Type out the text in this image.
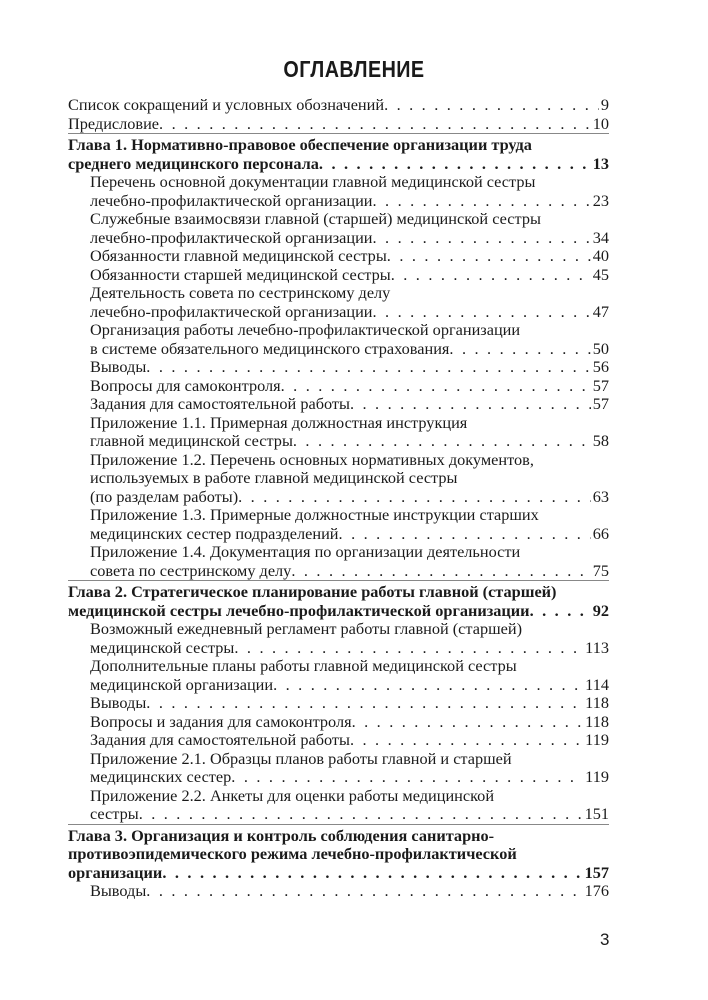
ОГЛАВЛЕНИЕ
Список сокращений и условных обозначений . . .	9
Предисловие . . .	10
Глава 1. Нормативно-правовое обеспечение организации труда
среднего медицинского персонала . . .	13
Перечень основной документации главной медицинской сестры
лечебно-профилактической организации . . .	23
Служебные взаимосвязи главной (старшей) медицинской сестры
лечебно-профилактической организации . . .	34
Обязанности главной медицинской сестры . . .	40
Обязанности старшей медицинской сестры . . .	45
Деятельность совета по сестринскому делу
лечебно-профилактической организации . . .	47
Организация работы лечебно-профилактической организации
в системе обязательного медицинского страхования . . .	50
Выводы . . .	56
Вопросы для самоконтроля . . .	57
Задания для самостоятельной работы . . .	57
Приложение 1.1. Примерная должностная инструкция
главной медицинской сестры . . .	58
Приложение 1.2. Перечень основных нормативных документов,
используемых в работе главной медицинской сестры
(по разделам работы) . . .	63
Приложение 1.3. Примерные должностные инструкции старших
медицинских сестер подразделений . . .	66
Приложение 1.4. Документация по организации деятельности
совета по сестринскому делу . . .	75
Глава 2. Стратегическое планирование работы главной (старшей)
медицинской сестры лечебно-профилактической организации . . .	92
Возможный ежедневный регламент работы главной (старшей)
медицинской сестры . . .	113
Дополнительные планы работы главной медицинской сестры
медицинской организации . . .	114
Выводы . . .	118
Вопросы и задания для самоконтроля . . .	118
Задания для самостоятельной работы . . .	119
Приложение 2.1. Образцы планов работы главной и старшей
медицинских сестер . . .	119
Приложение 2.2. Анкеты для оценки работы медицинской
сестры . . .	151
Глава 3. Организация и контроль соблюдения санитарно-
противоэпидемического режима лечебно-профилактической
организации . . .	157
Выводы . . .	176
3
